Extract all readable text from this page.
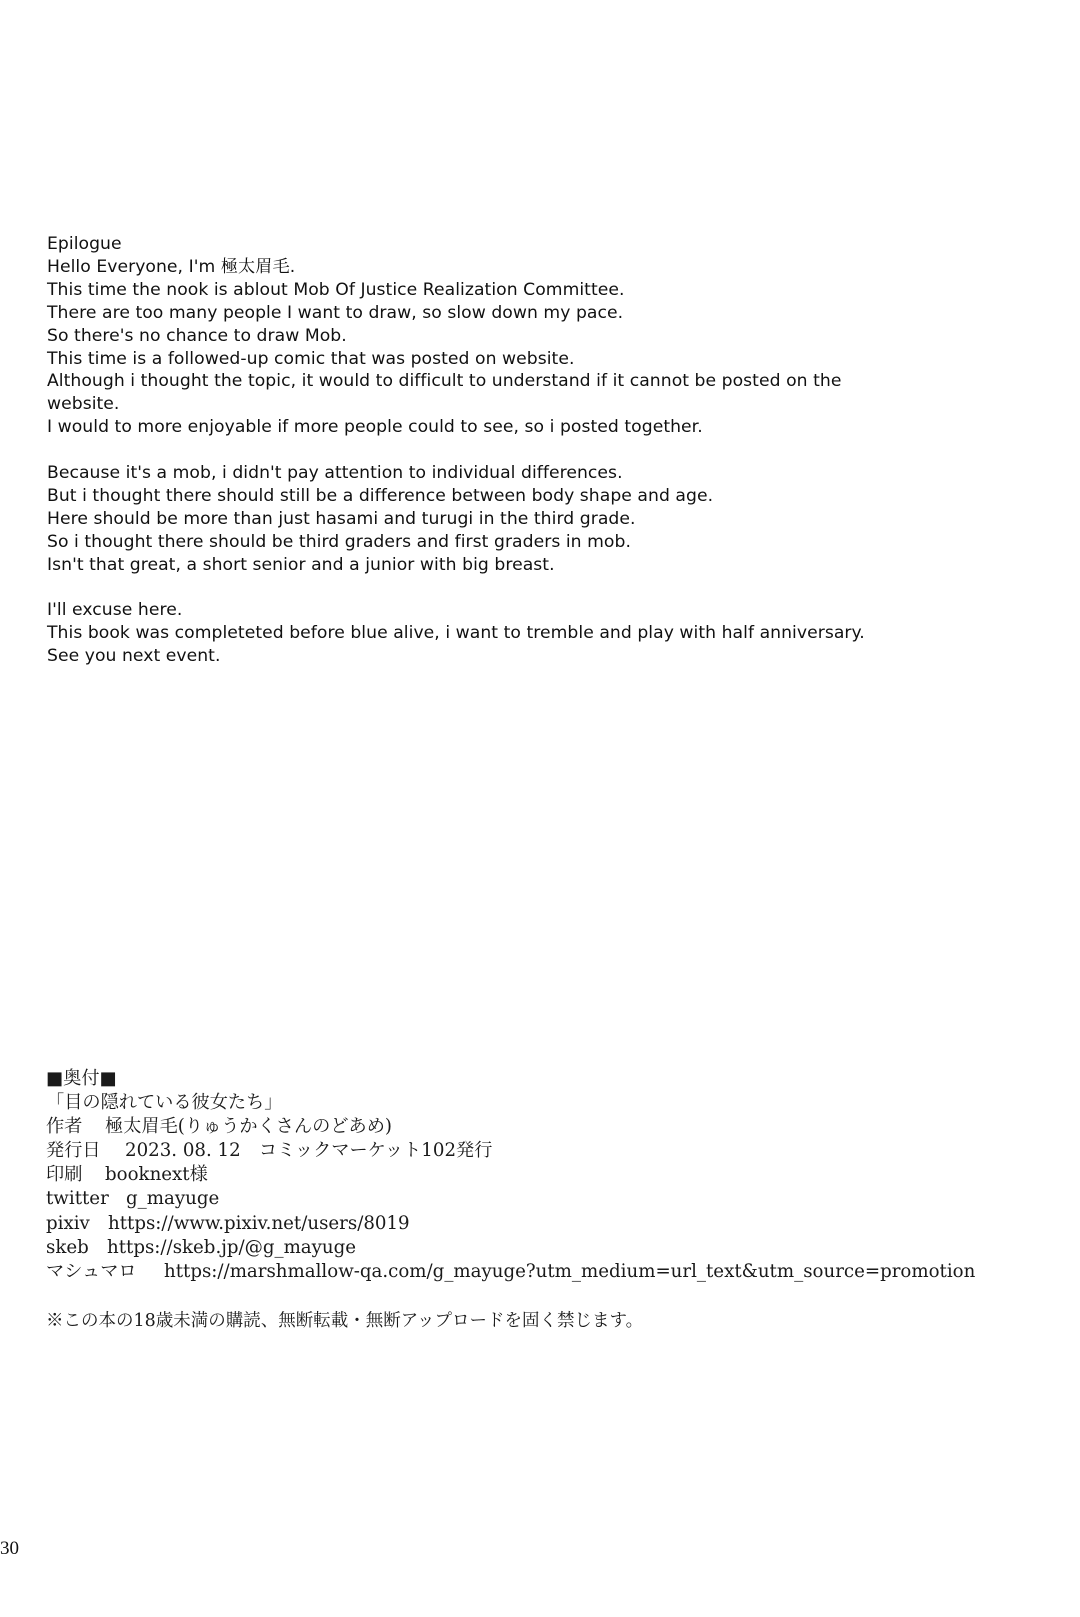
Epilogue
Hello Everyone, I'm 極太眉毛.
This time the nook is ablout Mob Of Justice Realization Committee.
There are too many people I want to draw, so slow down my pace.
So there's no chance to draw Mob.
This time is a followed-up comic that was posted on website.
Although i thought the topic, it would to difficult to understand if it cannot be posted on the
website.
I would to more enjoyable if more people could to see, so i posted together.
Because it's a mob, i didn't pay attention to individual differences.
But i thought there should still be a difference between body shape and age.
Here should be more than just hasami and turugi in the third grade.
So i thought there should be third graders and first graders in mob.
Isn't that great, a short senior and a junior with big breast.
I'll excuse here.
This book was completeted before blue alive, i want to tremble and play with half anniversary.
See you next event.
■奥付■
「目の隠れている彼女たち」
作者 極太眉毛(りゅうかくさんのどあめ)
発行日 2023. 08. 12　コミックマーケット102発行
印刷 booknext様
twitter g_mayuge
pixiv https://www.pixiv.net/users/8019
skeb https://skeb.jp/@g_mayuge
マシュマロ https://marshmallow-qa.com/g_mayuge?utm_medium=url_text&utm_source=promotion
※この本の18歳未満の購読、無断転載・無断アップロードを固く禁じます。
30
